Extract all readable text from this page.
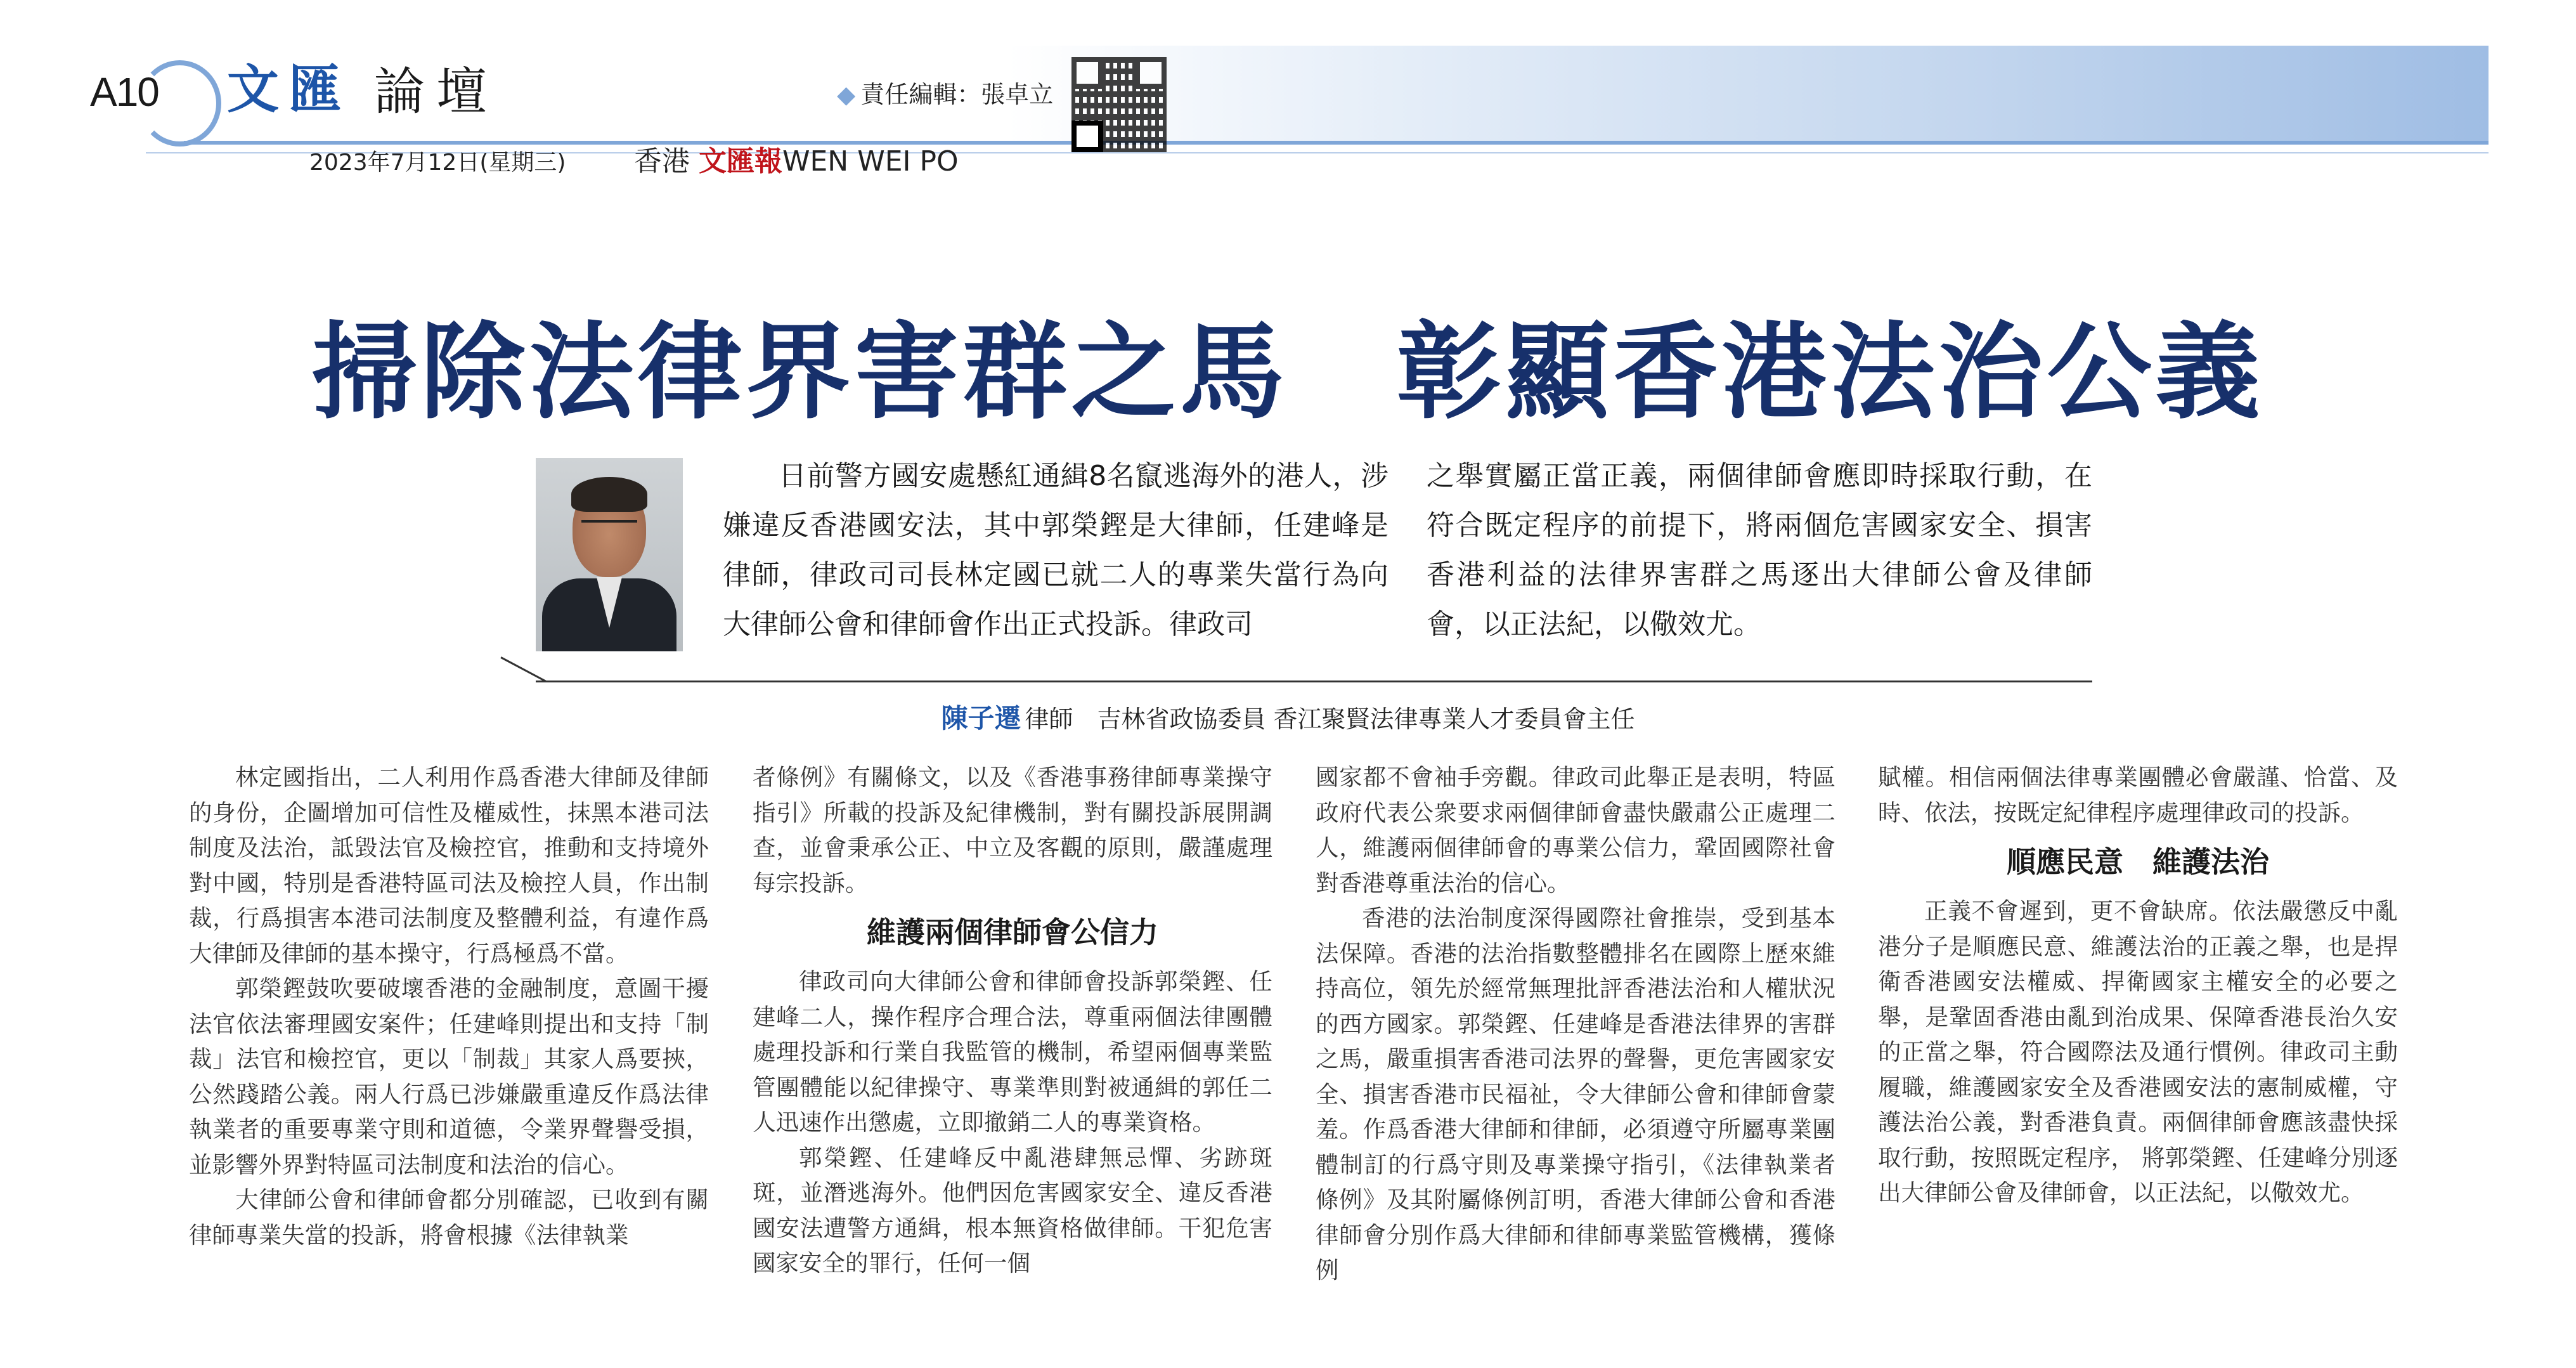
A10 文匯 論壇	◆ 責任編輯：張卓立
2023年7月12日(星期三) 香港 文匯報WEN WEI PO
掃除法律界害群之馬　彰顯香港法治公義

日前警方國安處懸紅通緝8名竄逃海外的港人，涉嫌違反香港國安法，其中郭榮鏗是大律師，任建峰是律師，律政司司長林定國已就二人的專業失當行為向大律師公會和律師會作出正式投訴。律政司

之舉實屬正當正義，兩個律師會應即時採取行動，在符合既定程序的前提下，將兩個危害國家安全、損害香港利益的法律界害群之馬逐出大律師公會及律師會，以正法紀，以儆效尤。

陳子遷 律師　吉林省政協委員 香江聚賢法律專業人才委員會主任

林定國指出，二人利用作爲香港大律師及律師的身份，企圖增加可信性及權威性，抹黑本港司法制度及法治，詆毀法官及檢控官，推動和支持境外對中國，特別是香港特區司法及檢控人員，作出制裁，行爲損害本港司法制度及整體利益，有違作爲大律師及律師的基本操守，行爲極爲不當。

郭榮鏗鼓吹要破壞香港的金融制度，意圖干擾法官依法審理國安案件；任建峰則提出和支持「制裁」法官和檢控官，更以「制裁」其家人爲要挾，公然踐踏公義。兩人行爲已涉嫌嚴重違反作爲法律執業者的重要專業守則和道德，令業界聲譽受損，並影響外界對特區司法制度和法治的信心。

大律師公會和律師會都分別確認，已收到有關律師專業失當的投訴，將會根據《法律執業

者條例》有關條文，以及《香港事務律師專業操守指引》所載的投訴及紀律機制，對有關投訴展開調查，並會秉承公正、中立及客觀的原則，嚴謹處理每宗投訴。

維護兩個律師會公信力

律政司向大律師公會和律師會投訴郭榮鏗、任建峰二人，操作程序合理合法，尊重兩個法律團體處理投訴和行業自我監管的機制，希望兩個專業監管團體能以紀律操守、專業準則對被通緝的郭任二人迅速作出懲處，立即撤銷二人的專業資格。

郭榮鏗、任建峰反中亂港肆無忌憚、劣跡斑斑，並潛逃海外。他們因危害國家安全、違反香港國安法遭警方通緝，根本無資格做律師。干犯危害國家安全的罪行，任何一個

國家都不會袖手旁觀。律政司此舉正是表明，特區政府代表公衆要求兩個律師會盡快嚴肅公正處理二人，維護兩個律師會的專業公信力，鞏固國際社會對香港尊重法治的信心。

香港的法治制度深得國際社會推崇，受到基本法保障。香港的法治指數整體排名在國際上歷來維持高位，領先於經常無理批評香港法治和人權狀況的西方國家。郭榮鏗、任建峰是香港法律界的害群之馬，嚴重損害香港司法界的聲譽，更危害國家安全、損害香港市民福祉，令大律師公會和律師會蒙羞。作爲香港大律師和律師，必須遵守所屬專業團體制訂的行爲守則及專業操守指引，《法律執業者條例》及其附屬條例訂明，香港大律師公會和香港律師會分別作爲大律師和律師專業監管機構，獲條例

賦權。相信兩個法律專業團體必會嚴謹、恰當、及時、依法，按既定紀律程序處理律政司的投訴。

順應民意　維護法治

正義不會遲到，更不會缺席。依法嚴懲反中亂港分子是順應民意、維護法治的正義之舉，也是捍衛香港國安法權威、捍衛國家主權安全的必要之舉，是鞏固香港由亂到治成果、保障香港長治久安的正當之舉，符合國際法及通行慣例。律政司主動履職，維護國家安全及香港國安法的憲制威權，守護法治公義，對香港負責。兩個律師會應該盡快採取行動，按照既定程序， 將郭榮鏗、任建峰分別逐出大律師公會及律師會，以正法紀，以儆效尤。
